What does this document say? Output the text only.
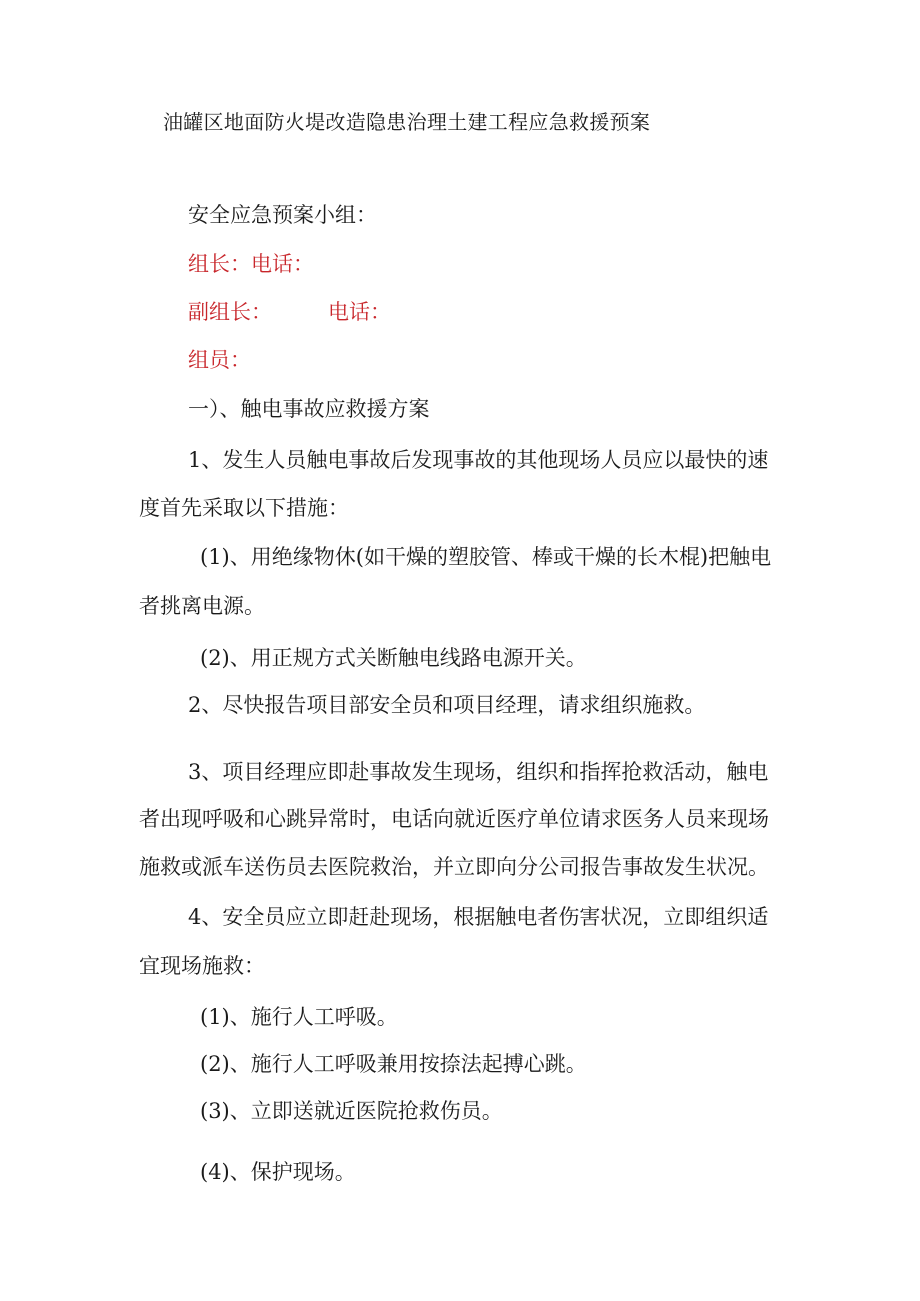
油罐区地面防火堤改造隐患治理土建工程应急救援预案
安全应急预案小组：
组长：电话：
副组长：	电话：
组员：
一）、触电事故应救援方案
1、发生人员触电事故后发现事故的其他现场人员应以最快的速
度首先采取以下措施：
(1)、用绝缘物休(如干燥的塑胶管、棒或干燥的长木棍)把触电
者挑离电源。
(2)、用正规方式关断触电线路电源开关。
2、尽快报告项目部安全员和项目经理，请求组织施救。
3、项目经理应即赴事故发生现场，组织和指挥抢救活动，触电
者出现呼吸和心跳异常时，电话向就近医疗单位请求医务人员来现场
施救或派车送伤员去医院救治，并立即向分公司报告事故发生状况。
4、安全员应立即赶赴现场，根据触电者伤害状况，立即组织适
宜现场施救：
(1)、施行人工呼吸。
(2)、施行人工呼吸兼用按捺法起搏心跳。
(3)、立即送就近医院抢救伤员。
(4)、保护现场。
